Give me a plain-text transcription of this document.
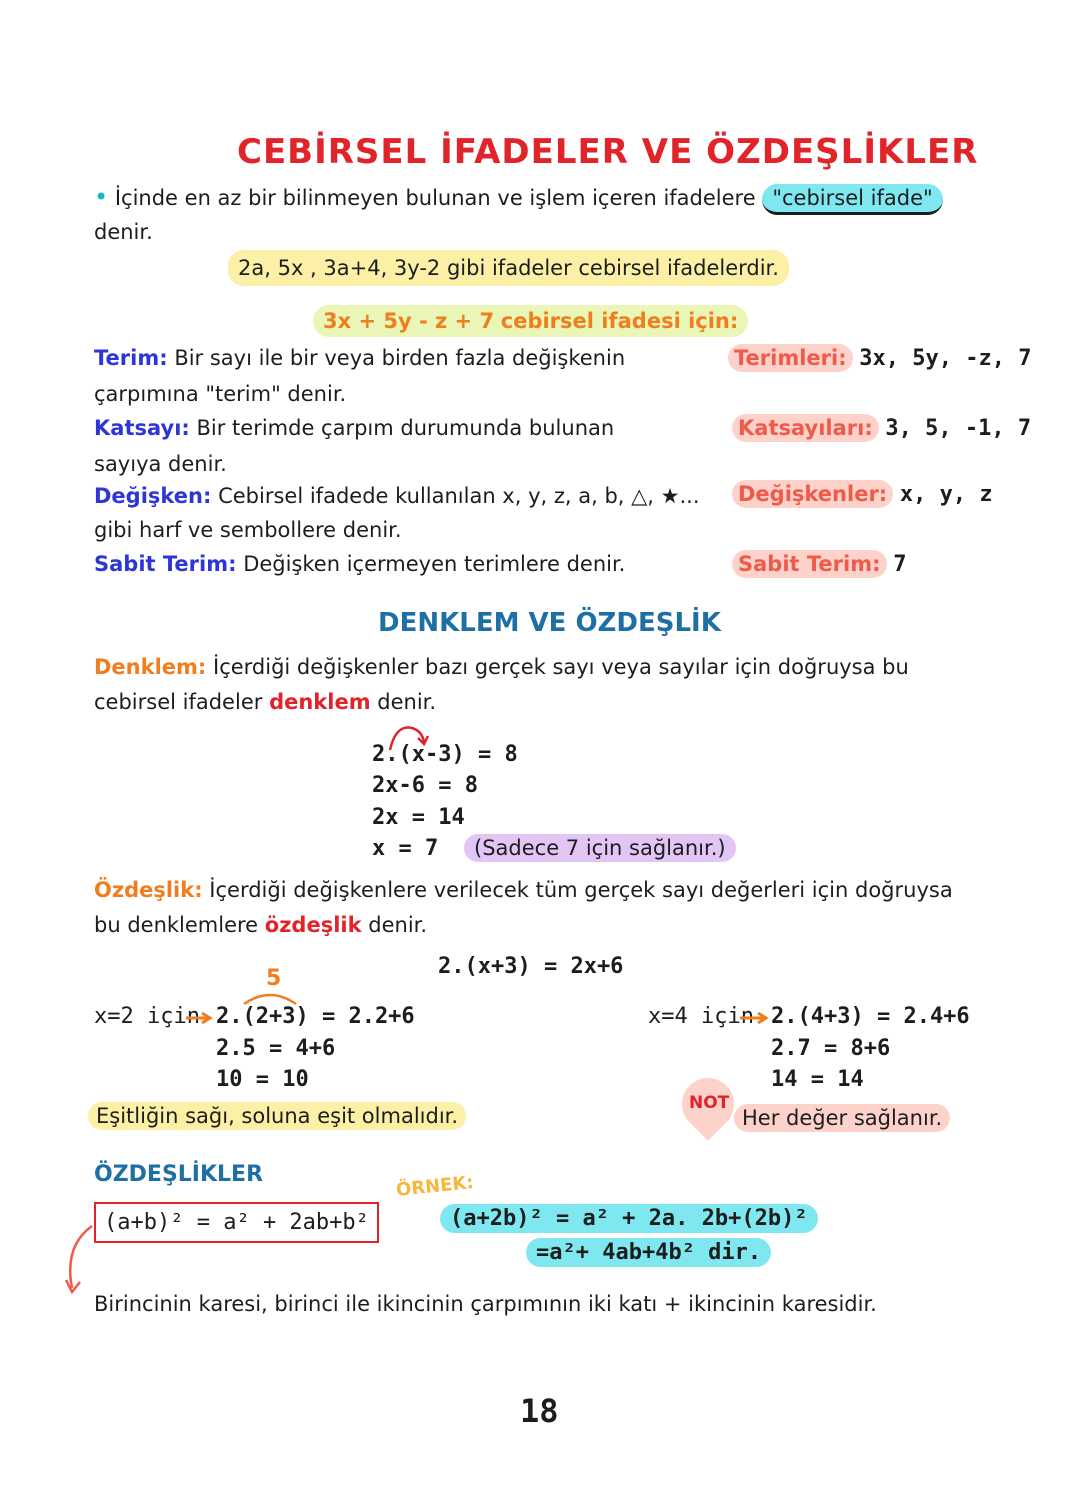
CEBİRSEL İFADELER VE ÖZDEŞLİKLER
• İçinde en az bir bilinmeyen bulunan ve işlem içeren ifadelere "cebirsel ifade"
denir.
2a, 5x , 3a+4, 3y-2 gibi ifadeler cebirsel ifadelerdir.
3x + 5y - z + 7 cebirsel ifadesi için:
Terim: Bir sayı ile bir veya birden fazla değişkenin
çarpımına "terim" denir.
Katsayı: Bir terimde çarpım durumunda bulunan
sayıya denir.
Değişken: Cebirsel ifadede kullanılan x, y, z, a, b, △, ★...
gibi harf ve sembollere denir.
Sabit Terim: Değişken içermeyen terimlere denir.
Terimleri: 3x, 5y, -z, 7
Katsayıları: 3, 5, -1, 7
Değişkenler: x, y, z
Sabit Terim: 7
DENKLEM VE ÖZDEŞLİK
Denklem: İçerdiği değişkenler bazı gerçek sayı veya sayılar için doğruysa bu
cebirsel ifadeler denklem denir.
2.(x-3) = 8
2x-6 = 8
2x = 14
x = 7	(Sadece 7 için sağlanır.)
Özdeşlik: İçerdiği değişkenlere verilecek tüm gerçek sayı değerleri için doğruysa
bu denklemlere özdeşlik denir.
2.(x+3) = 2x+6
5
x=2 için 2.(2+3) = 2.2+6
2.5 = 4+6
10 = 10
x=4 için 2.(4+3) = 2.4+6
2.7 = 8+6
14 = 14
Eşitliğin sağı, soluna eşit olmalıdır.
NOT
Her değer sağlanır.
ÖZDEŞLİKLER
(a+b)² = a² + 2ab+b²
ÖRNEK:
(a+2b)² = a² + 2a. 2b+(2b)²
=a²+ 4ab+4b² dir.
Birincinin karesi, birinci ile ikincinin çarpımının iki katı + ikincinin karesidir.
18
